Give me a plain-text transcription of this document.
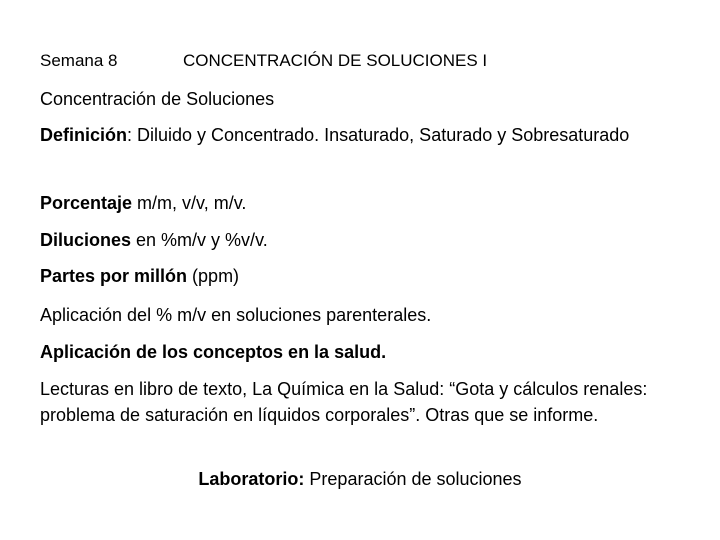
Semana 8	CONCENTRACIÓN DE SOLUCIONES I

Concentración de Soluciones

Definición: Diluido y Concentrado. Insaturado, Saturado y Sobresaturado

Porcentaje m/m, v/v, m/v.

Diluciones en %m/v y %v/v.

Partes por millón (ppm)

Aplicación del % m/v en soluciones parenterales.

Aplicación de los conceptos en la salud.

Lecturas en libro de texto, La Química en la Salud: “Gota y cálculos renales: problema de saturación en líquidos corporales”. Otras que se informe.

Laboratorio: Preparación de soluciones
